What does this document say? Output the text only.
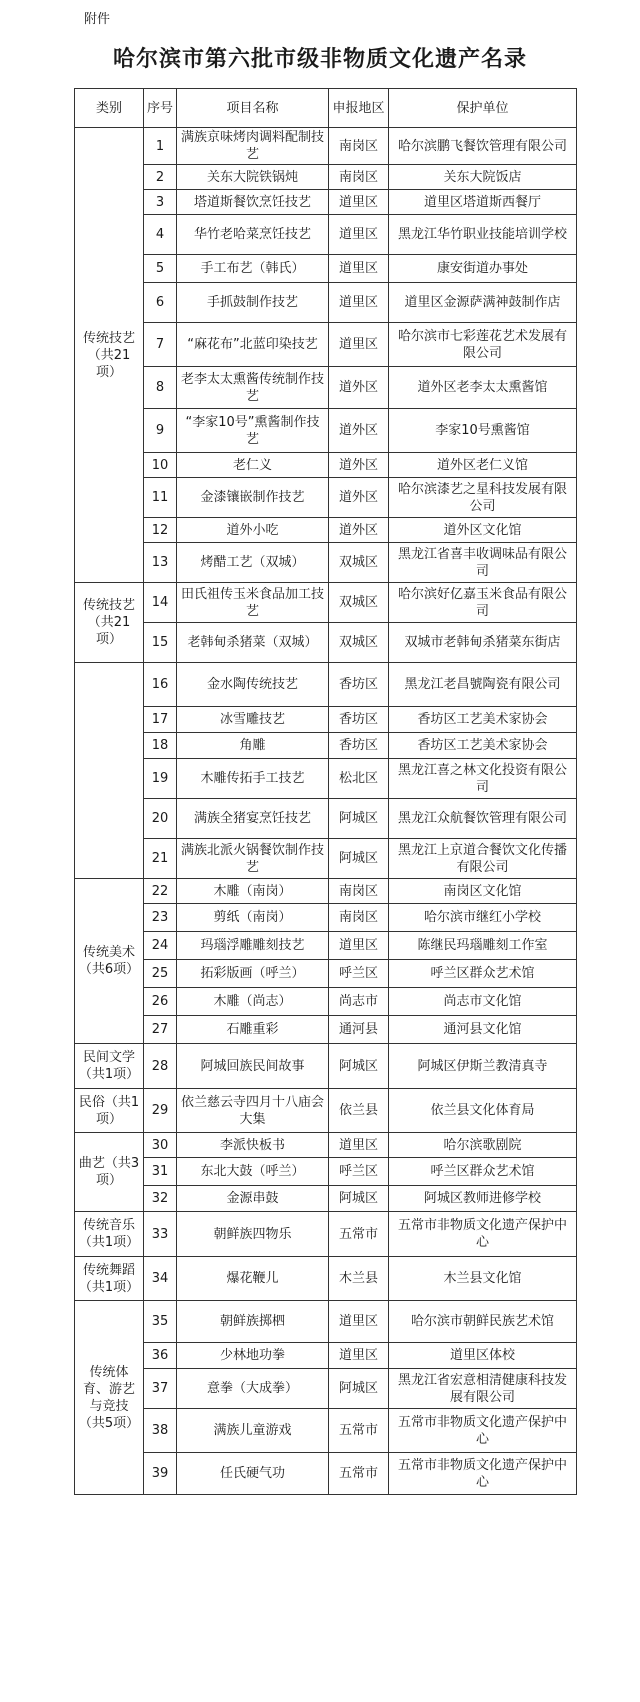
附件
哈尔滨市第六批市级非物质文化遗产名录
类别	序号	项目名称	申报地区	保护单位
传统技艺（共21项）	1	满族京味烤肉调料配制技艺	南岗区	哈尔滨鹏飞餐饮管理有限公司
	2	关东大院铁锅炖	南岗区	关东大院饭店
	3	塔道斯餐饮烹饪技艺	道里区	道里区塔道斯西餐厅
	4	华竹老哈菜烹饪技艺	道里区	黑龙江华竹职业技能培训学校
	5	手工布艺（韩氏）	道里区	康安街道办事处
	6	手抓鼓制作技艺	道里区	道里区金源萨满神鼓制作店
	7	“麻花布”北蓝印染技艺	道里区	哈尔滨市七彩莲花艺术发展有限公司
	8	老李太太熏酱传统制作技艺	道外区	道外区老李太太熏酱馆
	9	“李家10号”熏酱制作技艺	道外区	李家10号熏酱馆
	10	老仁义	道外区	道外区老仁义馆
	11	金漆镶嵌制作技艺	道外区	哈尔滨漆艺之星科技发展有限公司
	12	道外小吃	道外区	道外区文化馆
	13	烤醋工艺（双城）	双城区	黑龙江省喜丰收调味品有限公司
传统技艺（共21项）	14	田氏祖传玉米食品加工技艺	双城区	哈尔滨好亿嘉玉米食品有限公司
	15	老韩甸杀猪菜（双城）	双城区	双城市老韩甸杀猪菜东街店
	16	金水陶传统技艺	香坊区	黑龙江老昌號陶瓷有限公司
	17	冰雪雕技艺	香坊区	香坊区工艺美术家协会
	18	角雕	香坊区	香坊区工艺美术家协会
	19	木雕传拓手工技艺	松北区	黑龙江喜之林文化投资有限公司
	20	满族全猪宴烹饪技艺	阿城区	黑龙江众航餐饮管理有限公司
	21	满族北派火锅餐饮制作技艺	阿城区	黑龙江上京道合餐饮文化传播有限公司
传统美术（共6项）	22	木雕（南岗）	南岗区	南岗区文化馆
	23	剪纸（南岗）	南岗区	哈尔滨市继红小学校
	24	玛瑙浮雕雕刻技艺	道里区	陈继民玛瑙雕刻工作室
	25	拓彩版画（呼兰）	呼兰区	呼兰区群众艺术馆
	26	木雕（尚志）	尚志市	尚志市文化馆
	27	石雕重彩	通河县	通河县文化馆
民间文学（共1项）	28	阿城回族民间故事	阿城区	阿城区伊斯兰教清真寺
民俗（共1项）	29	依兰慈云寺四月十八庙会大集	依兰县	依兰县文化体育局
曲艺（共3项）	30	李派快板书	道里区	哈尔滨歌剧院
	31	东北大鼓（呼兰）	呼兰区	呼兰区群众艺术馆
	32	金源串鼓	阿城区	阿城区教师进修学校
传统音乐（共1项）	33	朝鲜族四物乐	五常市	五常市非物质文化遗产保护中心
传统舞蹈（共1项）	34	爆花鞭儿	木兰县	木兰县文化馆
传统体育、游艺与竞技（共5项）	35	朝鲜族掷柶	道里区	哈尔滨市朝鲜民族艺术馆
	36	少林地功拳	道里区	道里区体校
	37	意拳（大成拳）	阿城区	黑龙江省宏意相清健康科技发展有限公司
	38	满族儿童游戏	五常市	五常市非物质文化遗产保护中心
	39	任氏硬气功	五常市	五常市非物质文化遗产保护中心
